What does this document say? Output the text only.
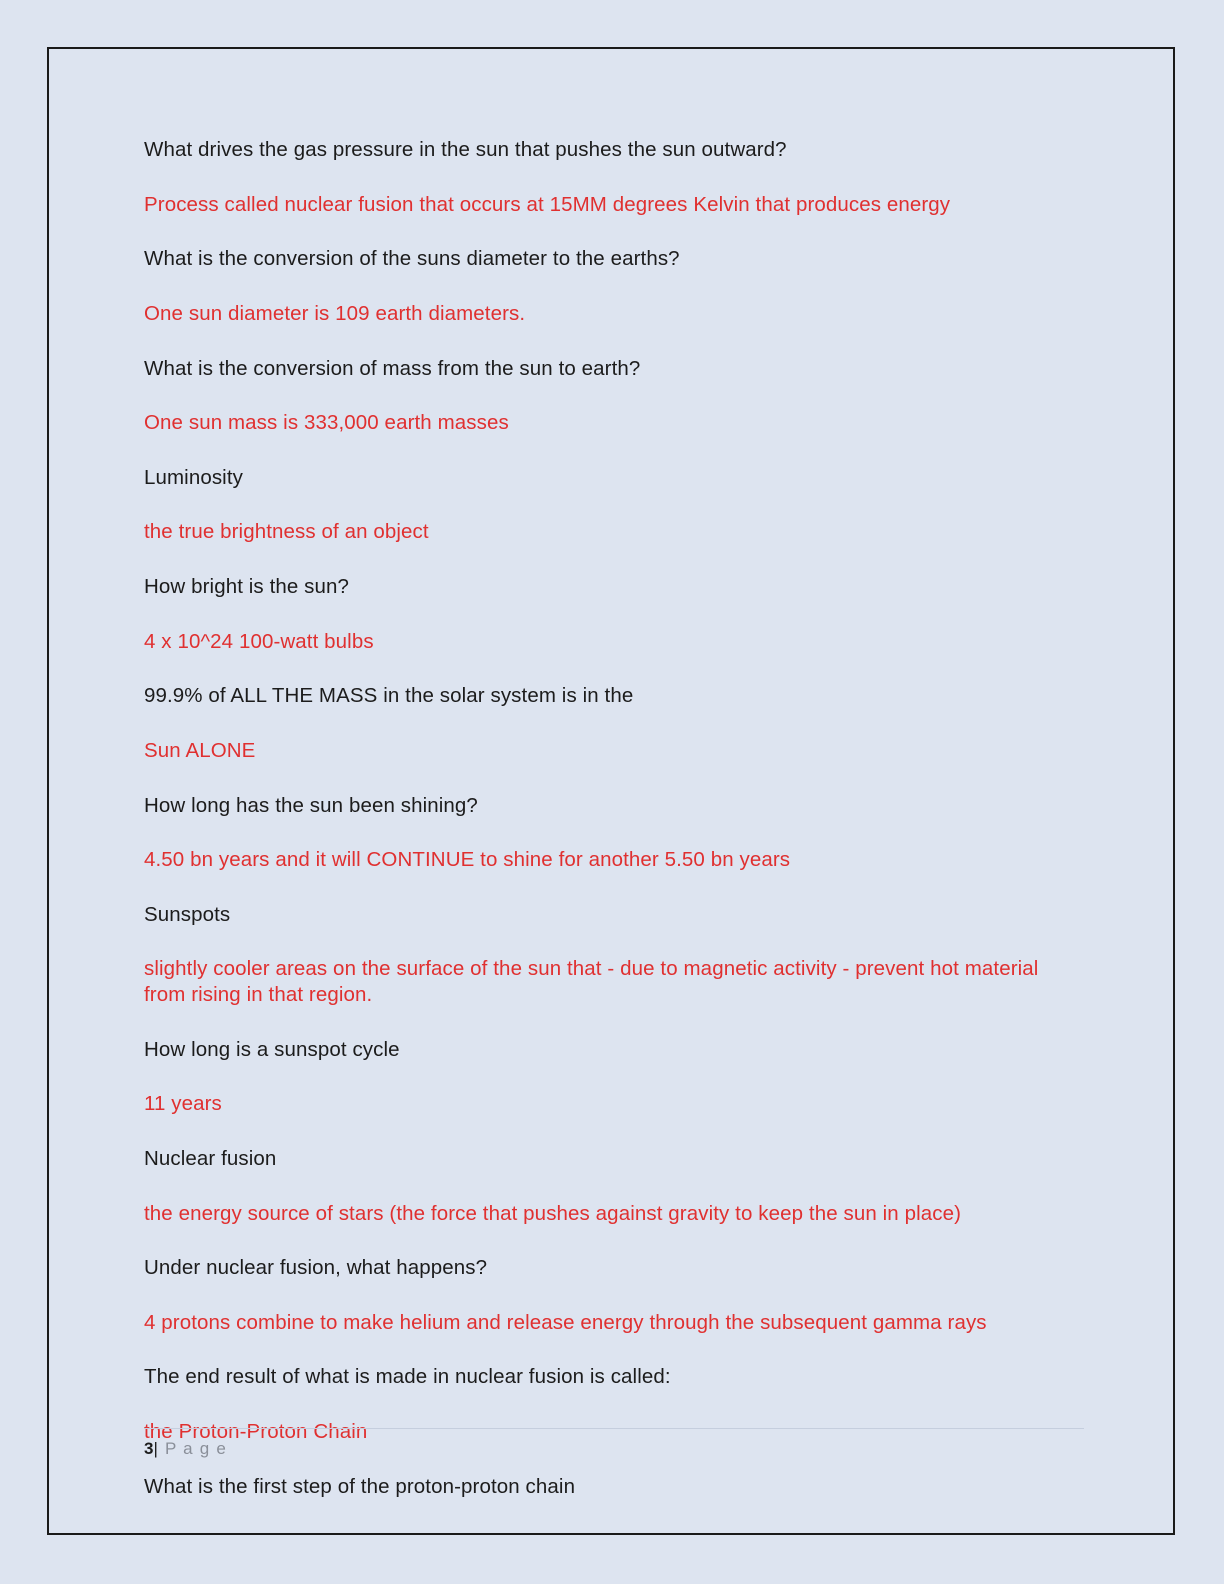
What drives the gas pressure in the sun that pushes the sun outward?

Process called nuclear fusion that occurs at 15MM degrees Kelvin that produces energy

What is the conversion of the suns diameter to the earths?

One sun diameter is 109 earth diameters.

What is the conversion of mass from the sun to earth?

One sun mass is 333,000 earth masses

Luminosity

the true brightness of an object

How bright is the sun?

4 x 10^24 100-watt bulbs

99.9% of ALL THE MASS in the solar system is in the

Sun ALONE

How long has the sun been shining?

4.50 bn years and it will CONTINUE to shine for another 5.50 bn years

Sunspots

slightly cooler areas on the surface of the sun that - due to magnetic activity - prevent hot material from rising in that region.

How long is a sunspot cycle

11 years

Nuclear fusion

the energy source of stars (the force that pushes against gravity to keep the sun in place)

Under nuclear fusion, what happens?

4 protons combine to make helium and release energy through the subsequent gamma rays

The end result of what is made in nuclear fusion is called:

the Proton-Proton Chain

What is the first step of the proton-proton chain

3| P a g e
